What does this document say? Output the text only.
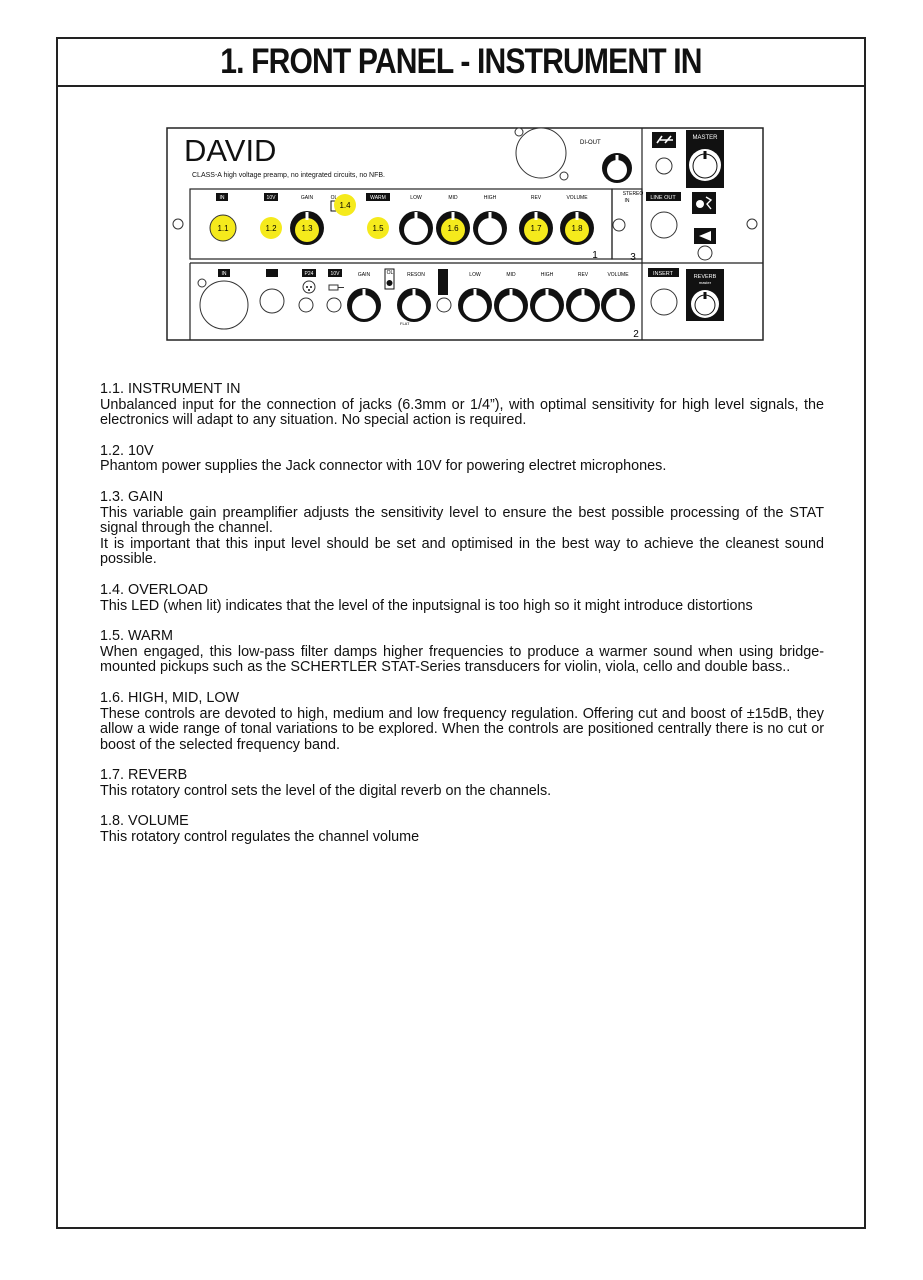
1. FRONT PANEL - INSTRUMENT IN
DAVID
CLASS-A high voltage preamp, no integrated circuits, no NFB.
DI-OUT
MASTER
LINE OUT
STEREO
IN
INSERT	REVERB
master
IN	10V	GAIN	OL	WARM	LOW	MID	HIGH	REV	VOLUME
1.1	1.2	1.3
1.4
1.5	1.6	1.7	1.8
1	3
IN	P24	10V	GAIN	OL	RESON	LOW	MID	HIGH	REV	VOLUME
FLAT
2
1.1. INSTRUMENT IN

Unbalanced input for the connection of jacks (6.3mm or 1/4”), with optimal sensitivity for high level signals, the electronics will adapt to any situation. No special action is required.

1.2. 10V

Phantom power supplies the Jack connector with 10V for powering electret microphones.

1.3. GAIN

This variable gain preamplifier adjusts the sensitivity level to ensure the best possible processing of the STAT signal through the channel.

It is important that this input level should be set and optimised in the best way to achieve the cleanest sound possible.

1.4. OVERLOAD

This LED (when lit) indicates that the level of the inputsignal is too high so it might introduce distortions

1.5. WARM

When engaged, this low-pass filter damps higher frequencies to produce a warmer sound when using bridge-mounted pickups such as the SCHERTLER STAT-Series transducers for violin, viola, cello and double bass..

1.6. HIGH, MID, LOW

These controls are devoted to high, medium and low frequency regulation. Offering cut and boost of ±15dB, they allow a wide range of tonal variations to be explored. When the controls are positioned centrally there is no cut or boost of the selected frequency band.

1.7. REVERB

This rotatory control sets the level of the digital reverb on the channels.

1.8. VOLUME

This rotatory control regulates the channel volume
